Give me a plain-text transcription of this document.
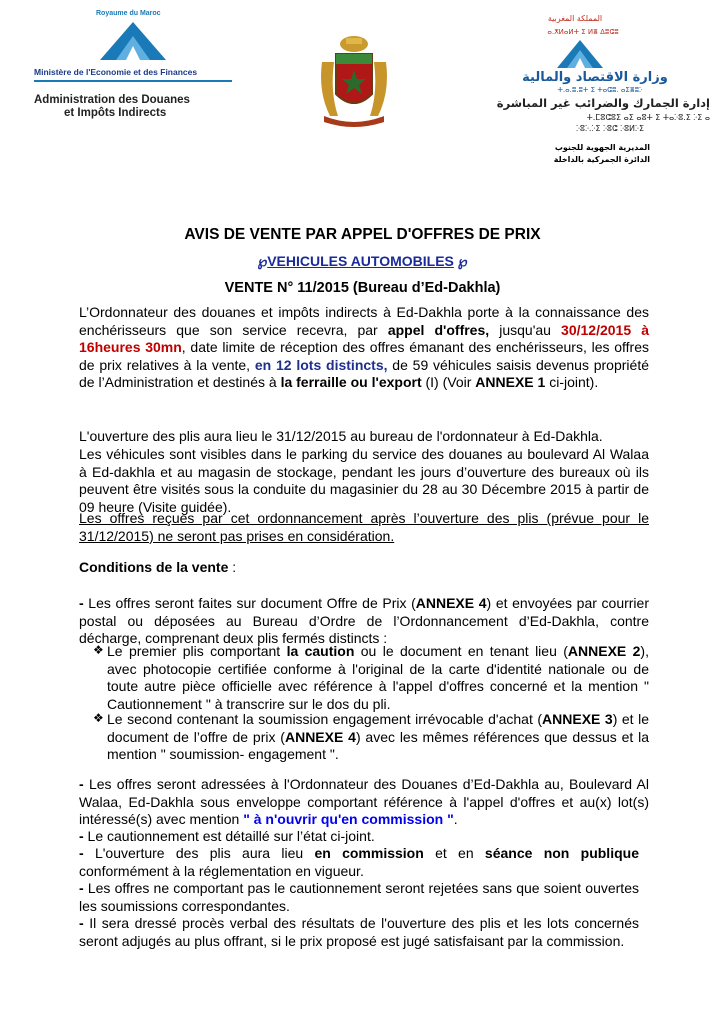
Royaume du Maroc
Ministère de l'Economie et des Finances
Administration des Douanes
et Impôts Indirects
المملكة المغربية
ⴰ.ⵅⵍⴰⵍⵜ ⵉ ⵍⴻ ⵠⵓⵛⵓ
وزارة الاقتصاد والمالية
ⵜ.ⴰ.ⵓ.ⵓⵜ ⵉ ⵜⴰⵛⵓ. ⴰⵉⴻⵓⴾ
إدارة الجمارك والضرائب غير المباشرة
ⵜ.ⵎⵓⵛⵓⵉ ⴰⵉ ⴰⵓⵜ ⵉ ⵜⴰⴾⵓ.ⵉ ⴾⵉ ⴰ
ⴾⵓⴾ.ⴾⵉ ⴾⵓⵛ ⴾⵓⵍⴾⵉ
المديرية الجهوية للجنوب
الدائرة الجمركية بالداخلة
AVIS DE VENTE PAR APPEL D'OFFRES DE PRIX
℘VEHICULES AUTOMOBILES ℘
VENTE N° 11/2015 (Bureau d’Ed-Dakhla)

L’Ordonnateur des douanes et impôts indirects à Ed-Dakhla porte à la connaissance des enchérisseurs que son service recevra, par appel d'offres, jusqu'au 30/12/2015 à 16heures 30mn, date limite de réception des offres émanant des enchérisseurs, les offres de prix relatives à la vente, en 12 lots distincts, de 59 véhicules saisis devenus propriété de l’Administration et destinés à la ferraille ou l'export (I) (Voir ANNEXE 1 ci-joint).

L'ouverture des plis aura lieu le 31/12/2015 au bureau de l'ordonnateur à Ed-Dakhla.

Les véhicules sont visibles dans le parking du service des douanes au boulevard Al Walaa à Ed-dakhla et au magasin de stockage, pendant les jours d’ouverture des bureaux où ils peuvent être visités sous la conduite du magasinier du 28 au 30 Décembre 2015 à partir de 09 heure (Visite guidée).

Les offres reçues par cet ordonnancement après l’ouverture des plis (prévue pour le 31/12/2015) ne seront pas prises en considération.

Conditions de la vente :

- Les offres seront faites sur document Offre de Prix (ANNEXE 4) et envoyées par courrier postal ou déposées au Bureau d’Ordre de l’Ordonnancement d’Ed-Dakhla, contre décharge, comprenant deux plis fermés distincts :

❖ Le premier plis comportant la caution ou le document en tenant lieu (ANNEXE 2), avec photocopie certifiée conforme à l'original de la carte d'identité nationale ou de toute autre pièce officielle avec référence à l'appel d'offres concerné et la mention " Cautionnement " à transcrire sur le dos du pli.

❖ Le second contenant la soumission engagement irrévocable d'achat (ANNEXE 3) et le document de l’offre de prix (ANNEXE 4) avec les mêmes références que dessus et la mention " soumission- engagement ".

- Les offres seront adressées à l'Ordonnateur des Douanes d’Ed-Dakhla au, Boulevard Al Walaa, Ed-Dakhla sous enveloppe comportant référence à l'appel d'offres et au(x) lot(s) intéressé(s) avec mention " à n'ouvrir qu'en commission ".

- Le cautionnement est détaillé sur l’état ci-joint.

- L'ouverture des plis aura lieu en commission et en séance non publique conformément à la réglementation en vigueur.

- Les offres ne comportant pas le cautionnement seront rejetées sans que soient ouvertes les soumissions correspondantes.

- Il sera dressé procès verbal des résultats de l'ouverture des plis et les lots concernés seront adjugés au plus offrant, si le prix proposé est jugé satisfaisant par la commission.
